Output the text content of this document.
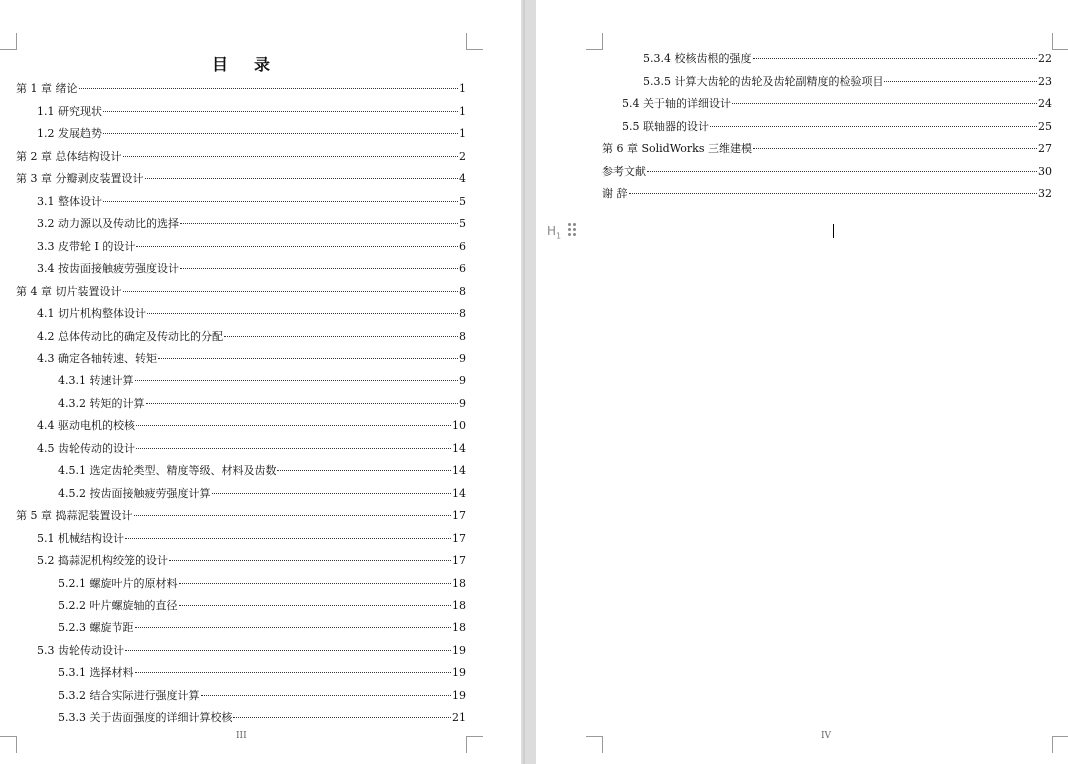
目 录
第 1 章 绪论	1
1.1 研究现状	1
1.2 发展趋势	1
第 2 章 总体结构设计	2
第 3 章 分瓣剥皮装置设计	4
3.1 整体设计	5
3.2 动力源以及传动比的选择	5
3.3 皮带轮 I 的设计	6
3.4 按齿面接触疲劳强度设计	6
第 4 章 切片装置设计	8
4.1 切片机构整体设计	8
4.2 总体传动比的确定及传动比的分配	8
4.3 确定各轴转速、转矩	9
4.3.1 转速计算	9
4.3.2 转矩的计算	9
4.4 驱动电机的校核	10
4.5 齿轮传动的设计	14
4.5.1 选定齿轮类型、精度等级、材料及齿数	14
4.5.2 按齿面接触疲劳强度计算	14
第 5 章 捣蒜泥装置设计	17
5.1 机械结构设计	17
5.2 捣蒜泥机构绞笼的设计	17
5.2.1 螺旋叶片的原材料	18
5.2.2 叶片螺旋轴的直径	18
5.2.3 螺旋节距	18
5.3 齿轮传动设计	19
5.3.1 选择材料	19
5.3.2 结合实际进行强度计算	19
5.3.3 关于齿面强度的详细计算校核	21
III
5.3.4 校核齿根的强度	22
5.3.5 计算大齿轮的齿轮及齿轮副精度的检验项目	23
5.4 关于轴的详细设计	24
5.5 联轴器的设计	25
第 6 章 SolidWorks 三维建模	27
参考文献	30
谢 辞	32
IV
$H_1$
